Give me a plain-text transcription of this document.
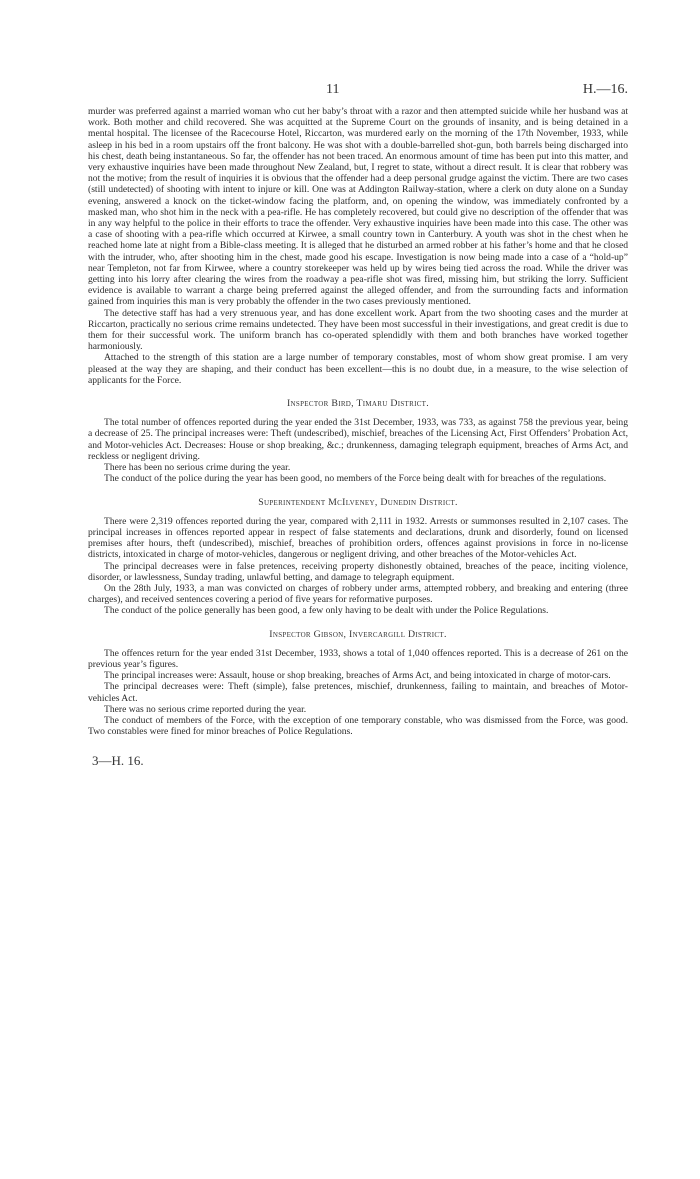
11	H.—16.

murder was preferred against a married woman who cut her baby’s throat with a razor and then attempted suicide while her husband was at work. Both mother and child recovered. She was acquitted at the Supreme Court on the grounds of insanity, and is being detained in a mental hospital. The licensee of the Racecourse Hotel, Riccarton, was murdered early on the morning of the 17th November, 1933, while asleep in his bed in a room upstairs off the front balcony. He was shot with a double-barrelled shot-gun, both barrels being discharged into his chest, death being instantaneous. So far, the offender has not been traced. An enormous amount of time has been put into this matter, and very exhaustive inquiries have been made throughout New Zealand, but, I regret to state, without a direct result. It is clear that robbery was not the motive; from the result of inquiries it is obvious that the offender had a deep personal grudge against the victim. There are two cases (still undetected) of shooting with intent to injure or kill. One was at Addington Railway-station, where a clerk on duty alone on a Sunday evening, answered a knock on the ticket-window facing the platform, and, on opening the window, was immediately confronted by a masked man, who shot him in the neck with a pea-rifle. He has completely recovered, but could give no description of the offender that was in any way helpful to the police in their efforts to trace the offender. Very exhaustive inquiries have been made into this case. The other was a case of shooting with a pea-rifle which occurred at Kirwee, a small country town in Canterbury. A youth was shot in the chest when he reached home late at night from a Bible-class meeting. It is alleged that he disturbed an armed robber at his father’s home and that he closed with the intruder, who, after shooting him in the chest, made good his escape. Investigation is now being made into a case of a “hold-up” near Templeton, not far from Kirwee, where a country storekeeper was held up by wires being tied across the road. While the driver was getting into his lorry after clearing the wires from the roadway a pea-rifle shot was fired, missing him, but striking the lorry. Sufficient evidence is available to warrant a charge being preferred against the alleged offender, and from the surrounding facts and information gained from inquiries this man is very probably the offender in the two cases previously mentioned.

The detective staff has had a very strenuous year, and has done excellent work. Apart from the two shooting cases and the murder at Riccarton, practically no serious crime remains undetected. They have been most successful in their investigations, and great credit is due to them for their successful work. The uniform branch has co-operated splendidly with them and both branches have worked together harmoniously.

Attached to the strength of this station are a large number of temporary constables, most of whom show great promise. I am very pleased at the way they are shaping, and their conduct has been excellent—this is no doubt due, in a measure, to the wise selection of applicants for the Force.

Inspector Bird, Timaru District.

The total number of offences reported during the year ended the 31st December, 1933, was 733, as against 758 the previous year, being a decrease of 25. The principal increases were: Theft (undescribed), mischief, breaches of the Licensing Act, First Offenders’ Probation Act, and Motor-vehicles Act. Decreases: House or shop breaking, &c.; drunkenness, damaging telegraph equipment, breaches of Arms Act, and reckless or negligent driving.

There has been no serious crime during the year.

The conduct of the police during the year has been good, no members of the Force being dealt with for breaches of the regulations.

Superintendent McIlveney, Dunedin District.

There were 2,319 offences reported during the year, compared with 2,111 in 1932. Arrests or summonses resulted in 2,107 cases. The principal increases in offences reported appear in respect of false statements and declarations, drunk and disorderly, found on licensed premises after hours, theft (undescribed), mischief, breaches of prohibition orders, offences against provisions in force in no-license districts, intoxicated in charge of motor-vehicles, dangerous or negligent driving, and other breaches of the Motor-vehicles Act.

The principal decreases were in false pretences, receiving property dishonestly obtained, breaches of the peace, inciting violence, disorder, or lawlessness, Sunday trading, unlawful betting, and damage to telegraph equipment.

On the 28th July, 1933, a man was convicted on charges of robbery under arms, attempted robbery, and breaking and entering (three charges), and received sentences covering a period of five years for reformative purposes.

The conduct of the police generally has been good, a few only having to be dealt with under the Police Regulations.

Inspector Gibson, Invercargill District.

The offences return for the year ended 31st December, 1933, shows a total of 1,040 offences reported. This is a decrease of 261 on the previous year’s figures.

The principal increases were: Assault, house or shop breaking, breaches of Arms Act, and being intoxicated in charge of motor-cars.

The principal decreases were: Theft (simple), false pretences, mischief, drunkenness, failing to maintain, and breaches of Motor-vehicles Act.

There was no serious crime reported during the year.

The conduct of members of the Force, with the exception of one temporary constable, who was dismissed from the Force, was good. Two constables were fined for minor breaches of Police Regulations.

3—H. 16.
